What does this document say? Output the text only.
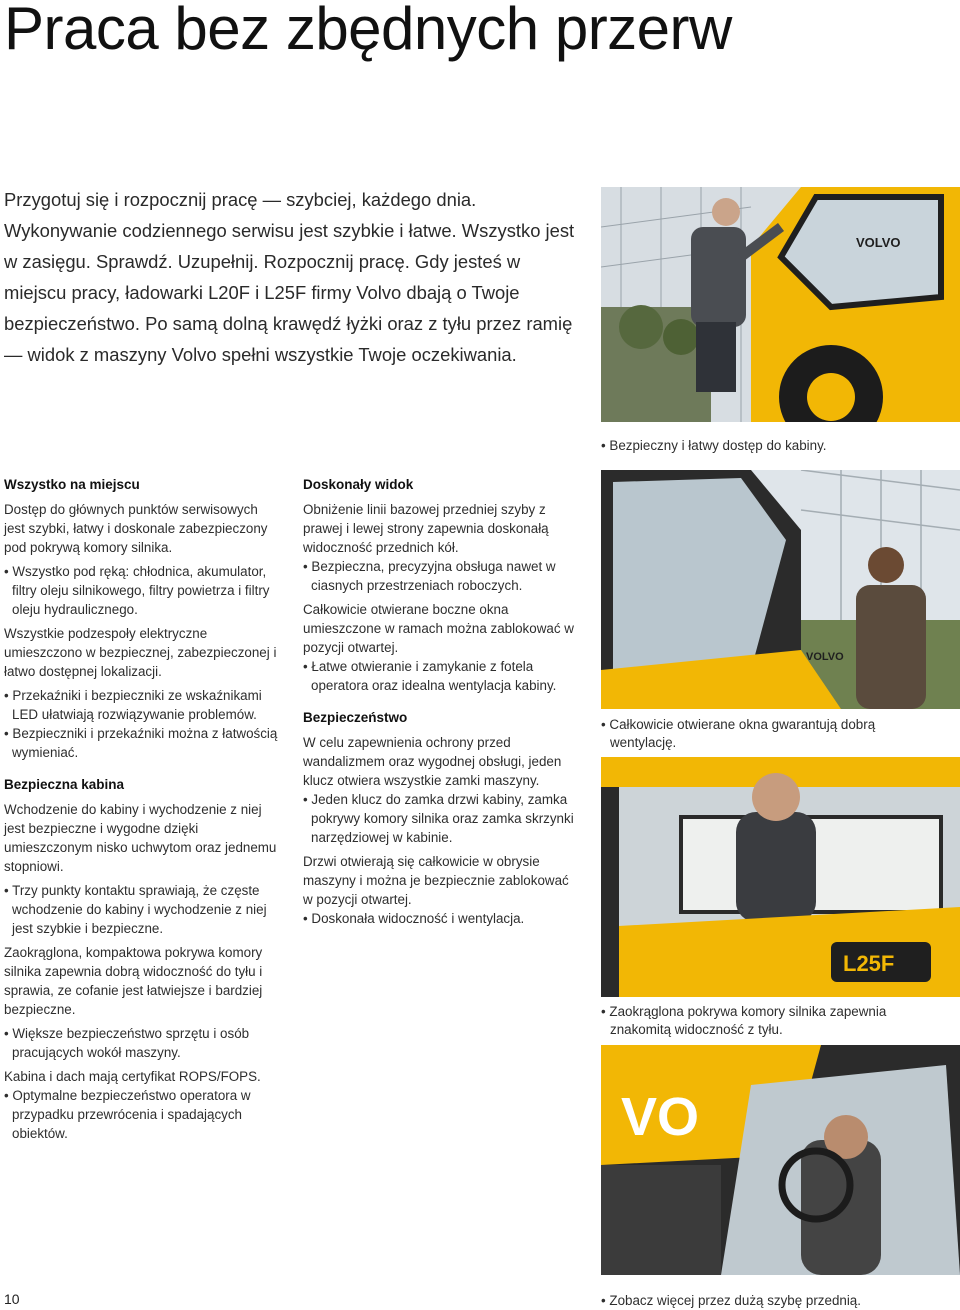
Praca bez zbędnych przerw

Przygotuj się i rozpocznij pracę — szybciej, każdego dnia. Wykonywanie codziennego serwisu jest szybkie i łatwe. Wszystko jest w zasięgu. Sprawdź. Uzupełnij. Rozpocznij pracę. Gdy jesteś w miejscu pracy, ładowarki L20F i L25F firmy Volvo dbają o Twoje bezpieczeństwo. Po samą dolną krawędź łyżki oraz z tyłu przez ramię — widok z maszyny Volvo spełni wszystkie Twoje oczekiwania.

VOLVO

• Bezpieczny i łatwy dostęp do kabiny.

Wszystko na miejscu

Dostęp do głównych punktów serwisowych jest szybki, łatwy i doskonale zabezpieczony pod pokrywą komory silnika.

• Wszystko pod ręką: chłodnica, akumulator, filtry oleju silnikowego, filtry powietrza i filtry oleju hydraulicznego.

Wszystkie podzespoły elektryczne umieszczono w bezpiecznej, zabezpieczonej i łatwo dostępnej lokalizacji.

• Przekaźniki i bezpieczniki ze wskaźnikami LED ułatwiają rozwiązywanie problemów.

• Bezpieczniki i przekaźniki można z łatwością wymieniać.

Bezpieczna kabina

Wchodzenie do kabiny i wychodzenie z niej jest bezpieczne i wygodne dzięki umieszczonym nisko uchwytom oraz jednemu stopniowi.

• Trzy punkty kontaktu sprawiają, że częste wchodzenie do kabiny i wychodzenie z niej jest szybkie i bezpieczne.

Zaokrąglona, kompaktowa pokrywa komory silnika zapewnia dobrą widoczność do tyłu i sprawia, ze cofanie jest łatwiejsze i bardziej bezpieczne.

• Większe bezpieczeństwo sprzętu i osób pracujących wokół maszyny.

Kabina i dach mają certyfikat ROPS/FOPS.

• Optymalne bezpieczeństwo operatora w przypadku przewrócenia i spadających obiektów.

Doskonały widok

Obniżenie linii bazowej przedniej szyby z prawej i lewej strony zapewnia doskonałą widoczność przednich kół.

• Bezpieczna, precyzyjna obsługa nawet w ciasnych przestrzeniach roboczych.

Całkowicie otwierane boczne okna umieszczone w ramach można zablokować w pozycji otwartej.

• Łatwe otwieranie i zamykanie z fotela operatora oraz idealna wentylacja kabiny.

Bezpieczeństwo

W celu zapewnienia ochrony przed wandalizmem oraz wygodnej obsługi, jeden klucz otwiera wszystkie zamki maszyny.

• Jeden klucz do zamka drzwi kabiny, zamka pokrywy komory silnika oraz zamka skrzynki narzędziowej w kabinie.

Drzwi otwierają się całkowicie w obrysie maszyny i można je bezpiecznie zablokować w pozycji otwartej.

• Doskonała widoczność i wentylacja.

VOLVO

• Całkowicie otwierane okna gwarantują dobrą wentylację.

L25F

• Zaokrąglona pokrywa komory silnika zapewnia znakomitą widoczność z tyłu.

VO

• Zobacz więcej przez dużą szybę przednią.

10
